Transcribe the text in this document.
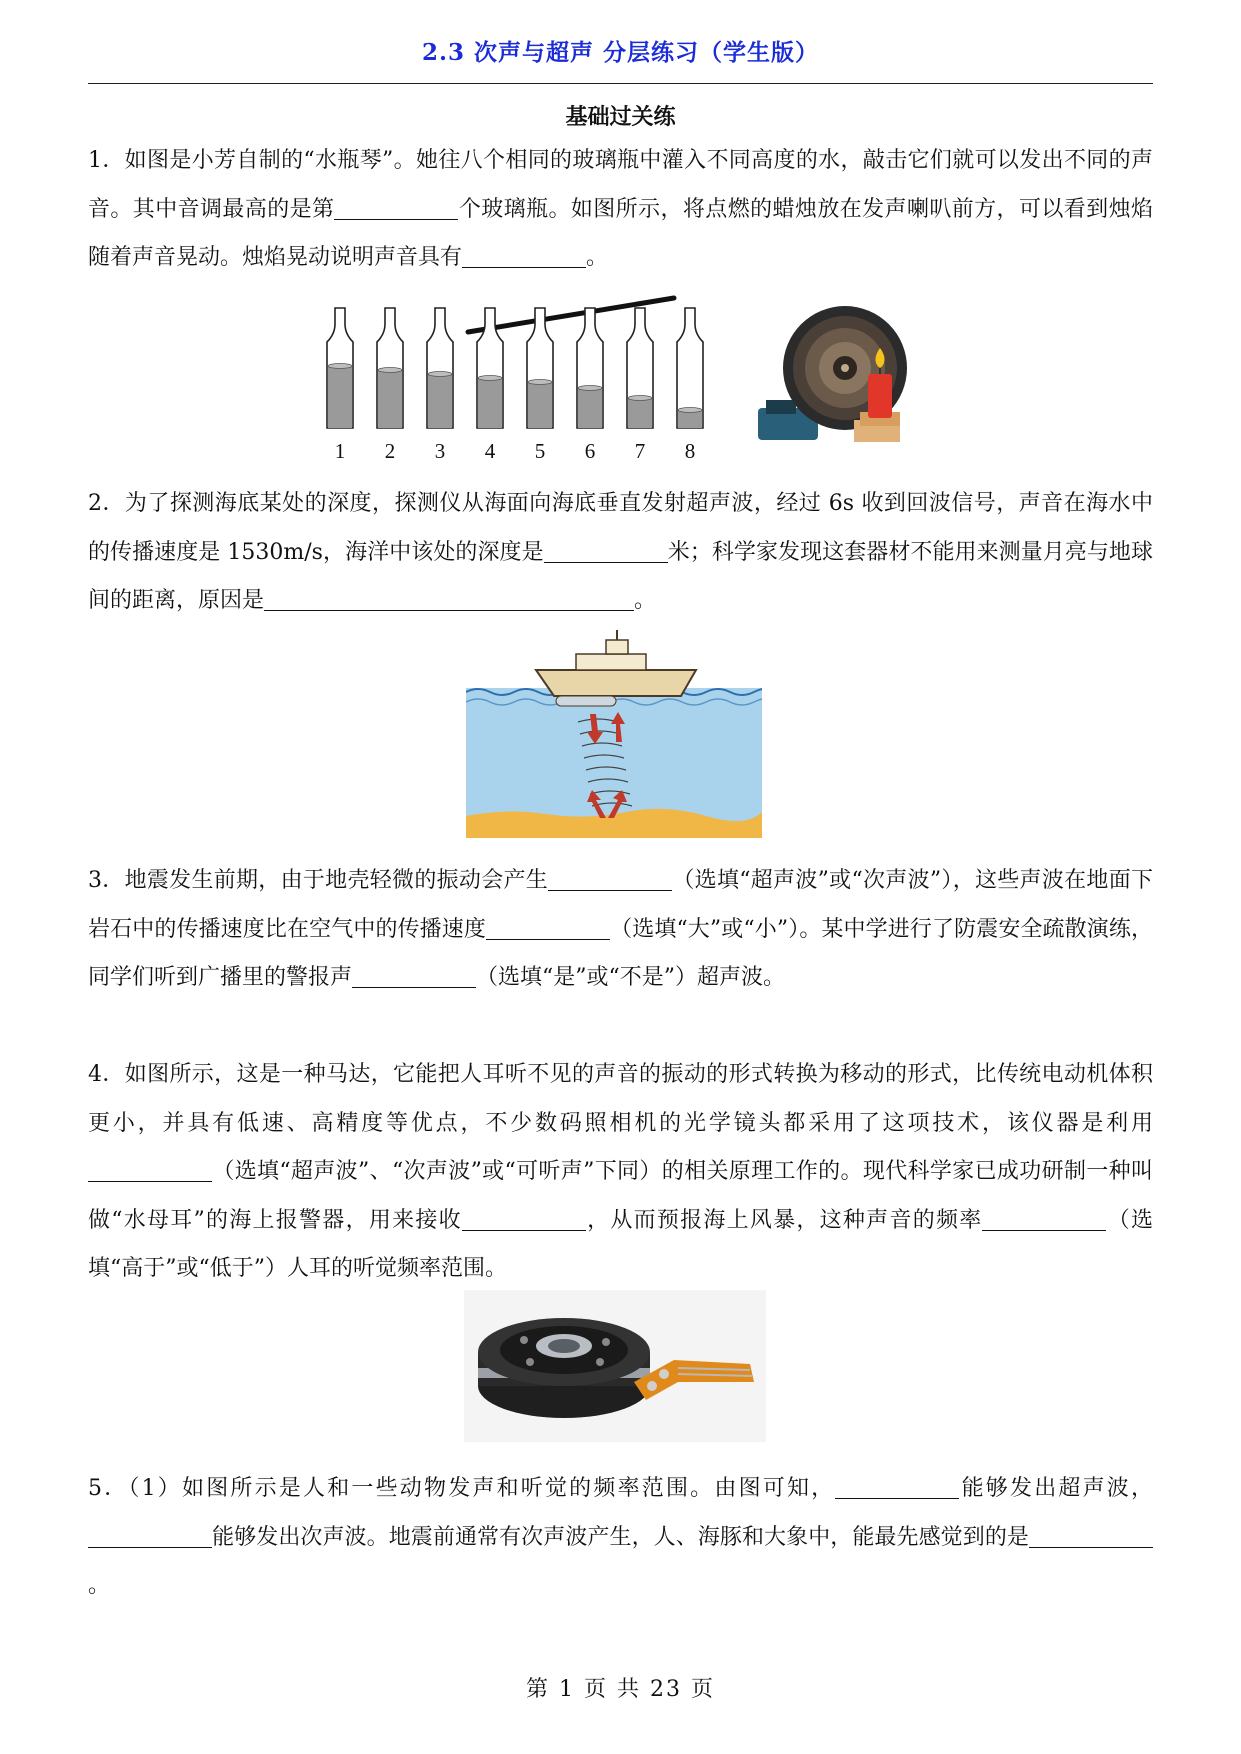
2.3 次声与超声 分层练习（学生版）
基础过关练
1．如图是小芳自制的“水瓶琴”。她往八个相同的玻璃瓶中灌入不同高度的水，敲击它们就可以发出不同的声音。其中音调最高的是第	个玻璃瓶。如图所示，将点燃的蜡烛放在发声喇叭前方，可以看到烛焰随着声音晃动。烛焰晃动说明声音具有	。
1 2 3 4 5 6 7 8
2．为了探测海底某处的深度，探测仪从海面向海底垂直发射超声波，经过 6s 收到回波信号，声音在海水中的传播速度是 1530m/s，海洋中该处的深度是	米；科学家发现这套器材不能用来测量月亮与地球间的距离，原因是	。
3．地震发生前期，由于地壳轻微的振动会产生	（选填“超声波”或“次声波”），这些声波在地面下岩石中的传播速度比在空气中的传播速度	（选填“大”或“小”）。某中学进行了防震安全疏散演练，同学们听到广播里的警报声	（选填“是”或“不是”）超声波。
4．如图所示，这是一种马达，它能把人耳听不见的声音的振动的形式转换为移动的形式，比传统电动机体积更小，并具有低速、高精度等优点，不少数码照相机的光学镜头都采用了这项技术，该仪器是利用（选填“超声波”、“次声波”或“可听声”下同）的相关原理工作的。现代科学家已成功研制一种叫做“水母耳”的海上报警器，用来接收	，从而预报海上风暴，这种声音的频率	（选填“高于”或“低于”）人耳的听觉频率范围。
5．（1）如图所示是人和一些动物发声和听觉的频率范围。由图可知，	能够发出超声波，能够发出次声波。地震前通常有次声波产生，人、海豚和大象中，能最先感觉到的是。
第 1 页 共 23 页
